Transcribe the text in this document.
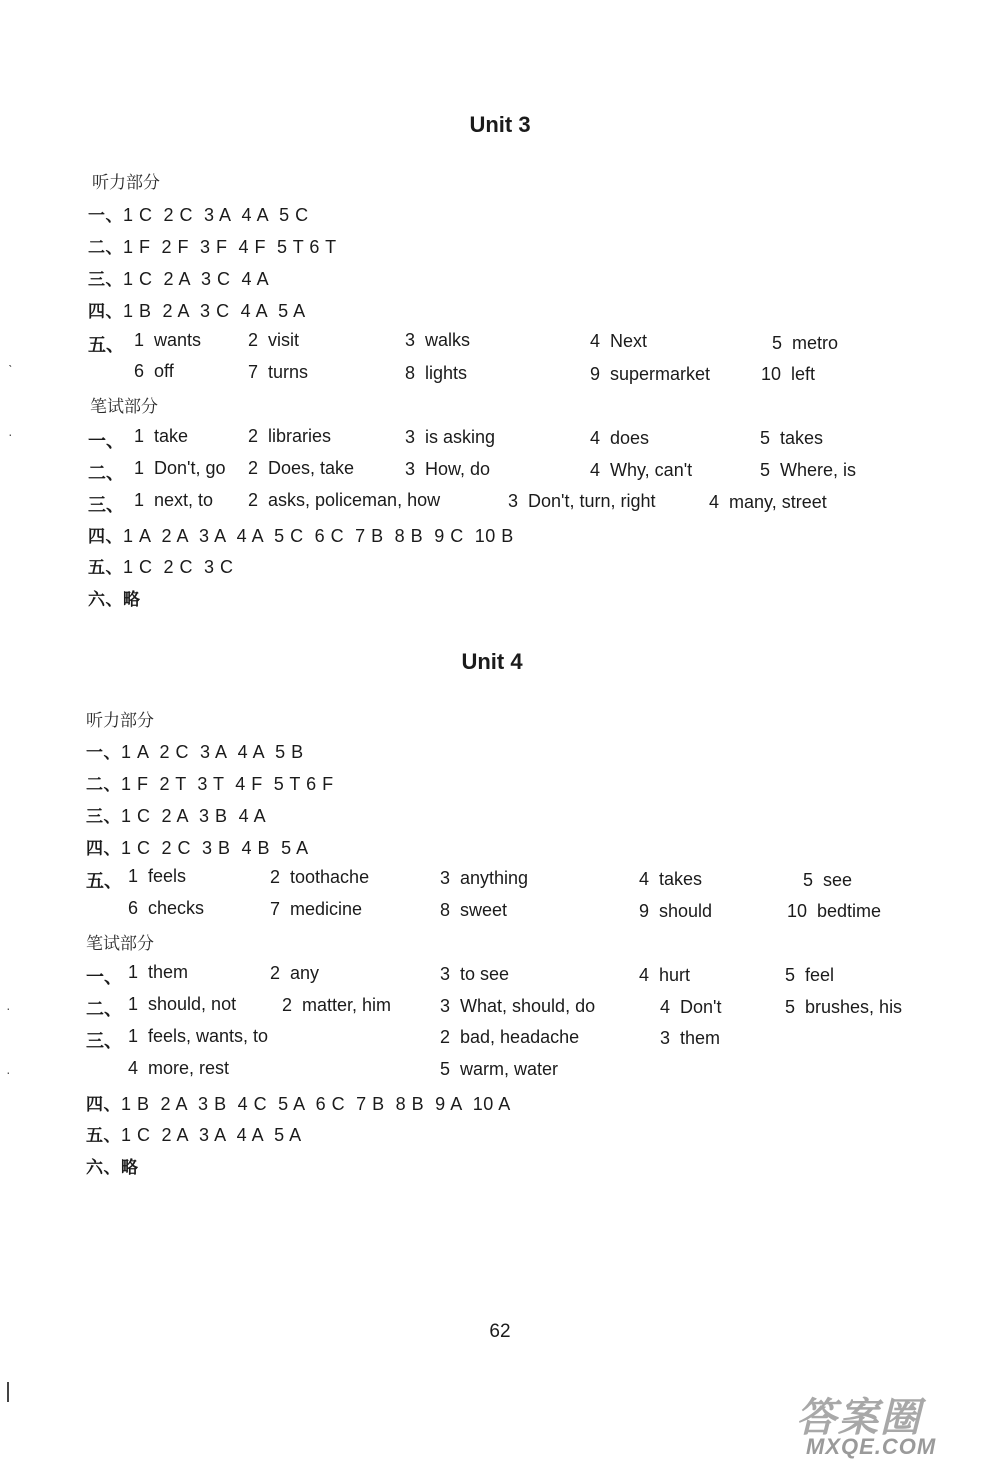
Unit 3
听力部分
一、1 C  2 C  3 A  4 A  5 C
二、1 F  2 F  3 F  4 F  5 T 6 T
三、1 C  2 A  3 C  4 A
四、1 B  2 A  3 C  4 A  5 A
五、 1  wants	2  visit	3  walks	4  Next	5  metro
6  off	7  turns	8  lights	9  supermarket	10  left
笔试部分
一、 1  take	2  libraries	3  is asking	4  does	5  takes
二、 1  Don't, go 2  Does, take	3  How, do	4  Why, can't	5  Where, is
三、 1  next, to 2  asks, policeman, how	3  Don't, turn, right	4  many, street
四、1 A  2 A  3 A  4 A  5 C  6 C  7 B  8 B  9 C  10 B
五、1 C  2 C  3 C
六、略
Unit 4
听力部分
一、1 A  2 C  3 A  4 A  5 B
二、1 F  2 T  3 T  4 F  5 T 6 F
三、1 C  2 A  3 B  4 A
四、1 C  2 C  3 B  4 B  5 A
五、 1  feels	2  toothache	3  anything	4  takes	5  see
6  checks	7  medicine	8  sweet	9  should	10  bedtime
笔试部分
一、 1  them	2  any	3  to see	4  hurt	5  feel
二、 1  should, not	2  matter, him	3  What, should, do	4  Don't	5  brushes, his
三、 1  feels, wants, to	2  bad, headache	3  them
4  more, rest	5  warm, water
四、1 B  2 A  3 B  4 C  5 A  6 C  7 B  8 B  9 A  10 A
五、1 C  2 A  3 A  4 A  5 A
六、略
62
ˋ
·
·
·
答案圈
MXQE.COM
